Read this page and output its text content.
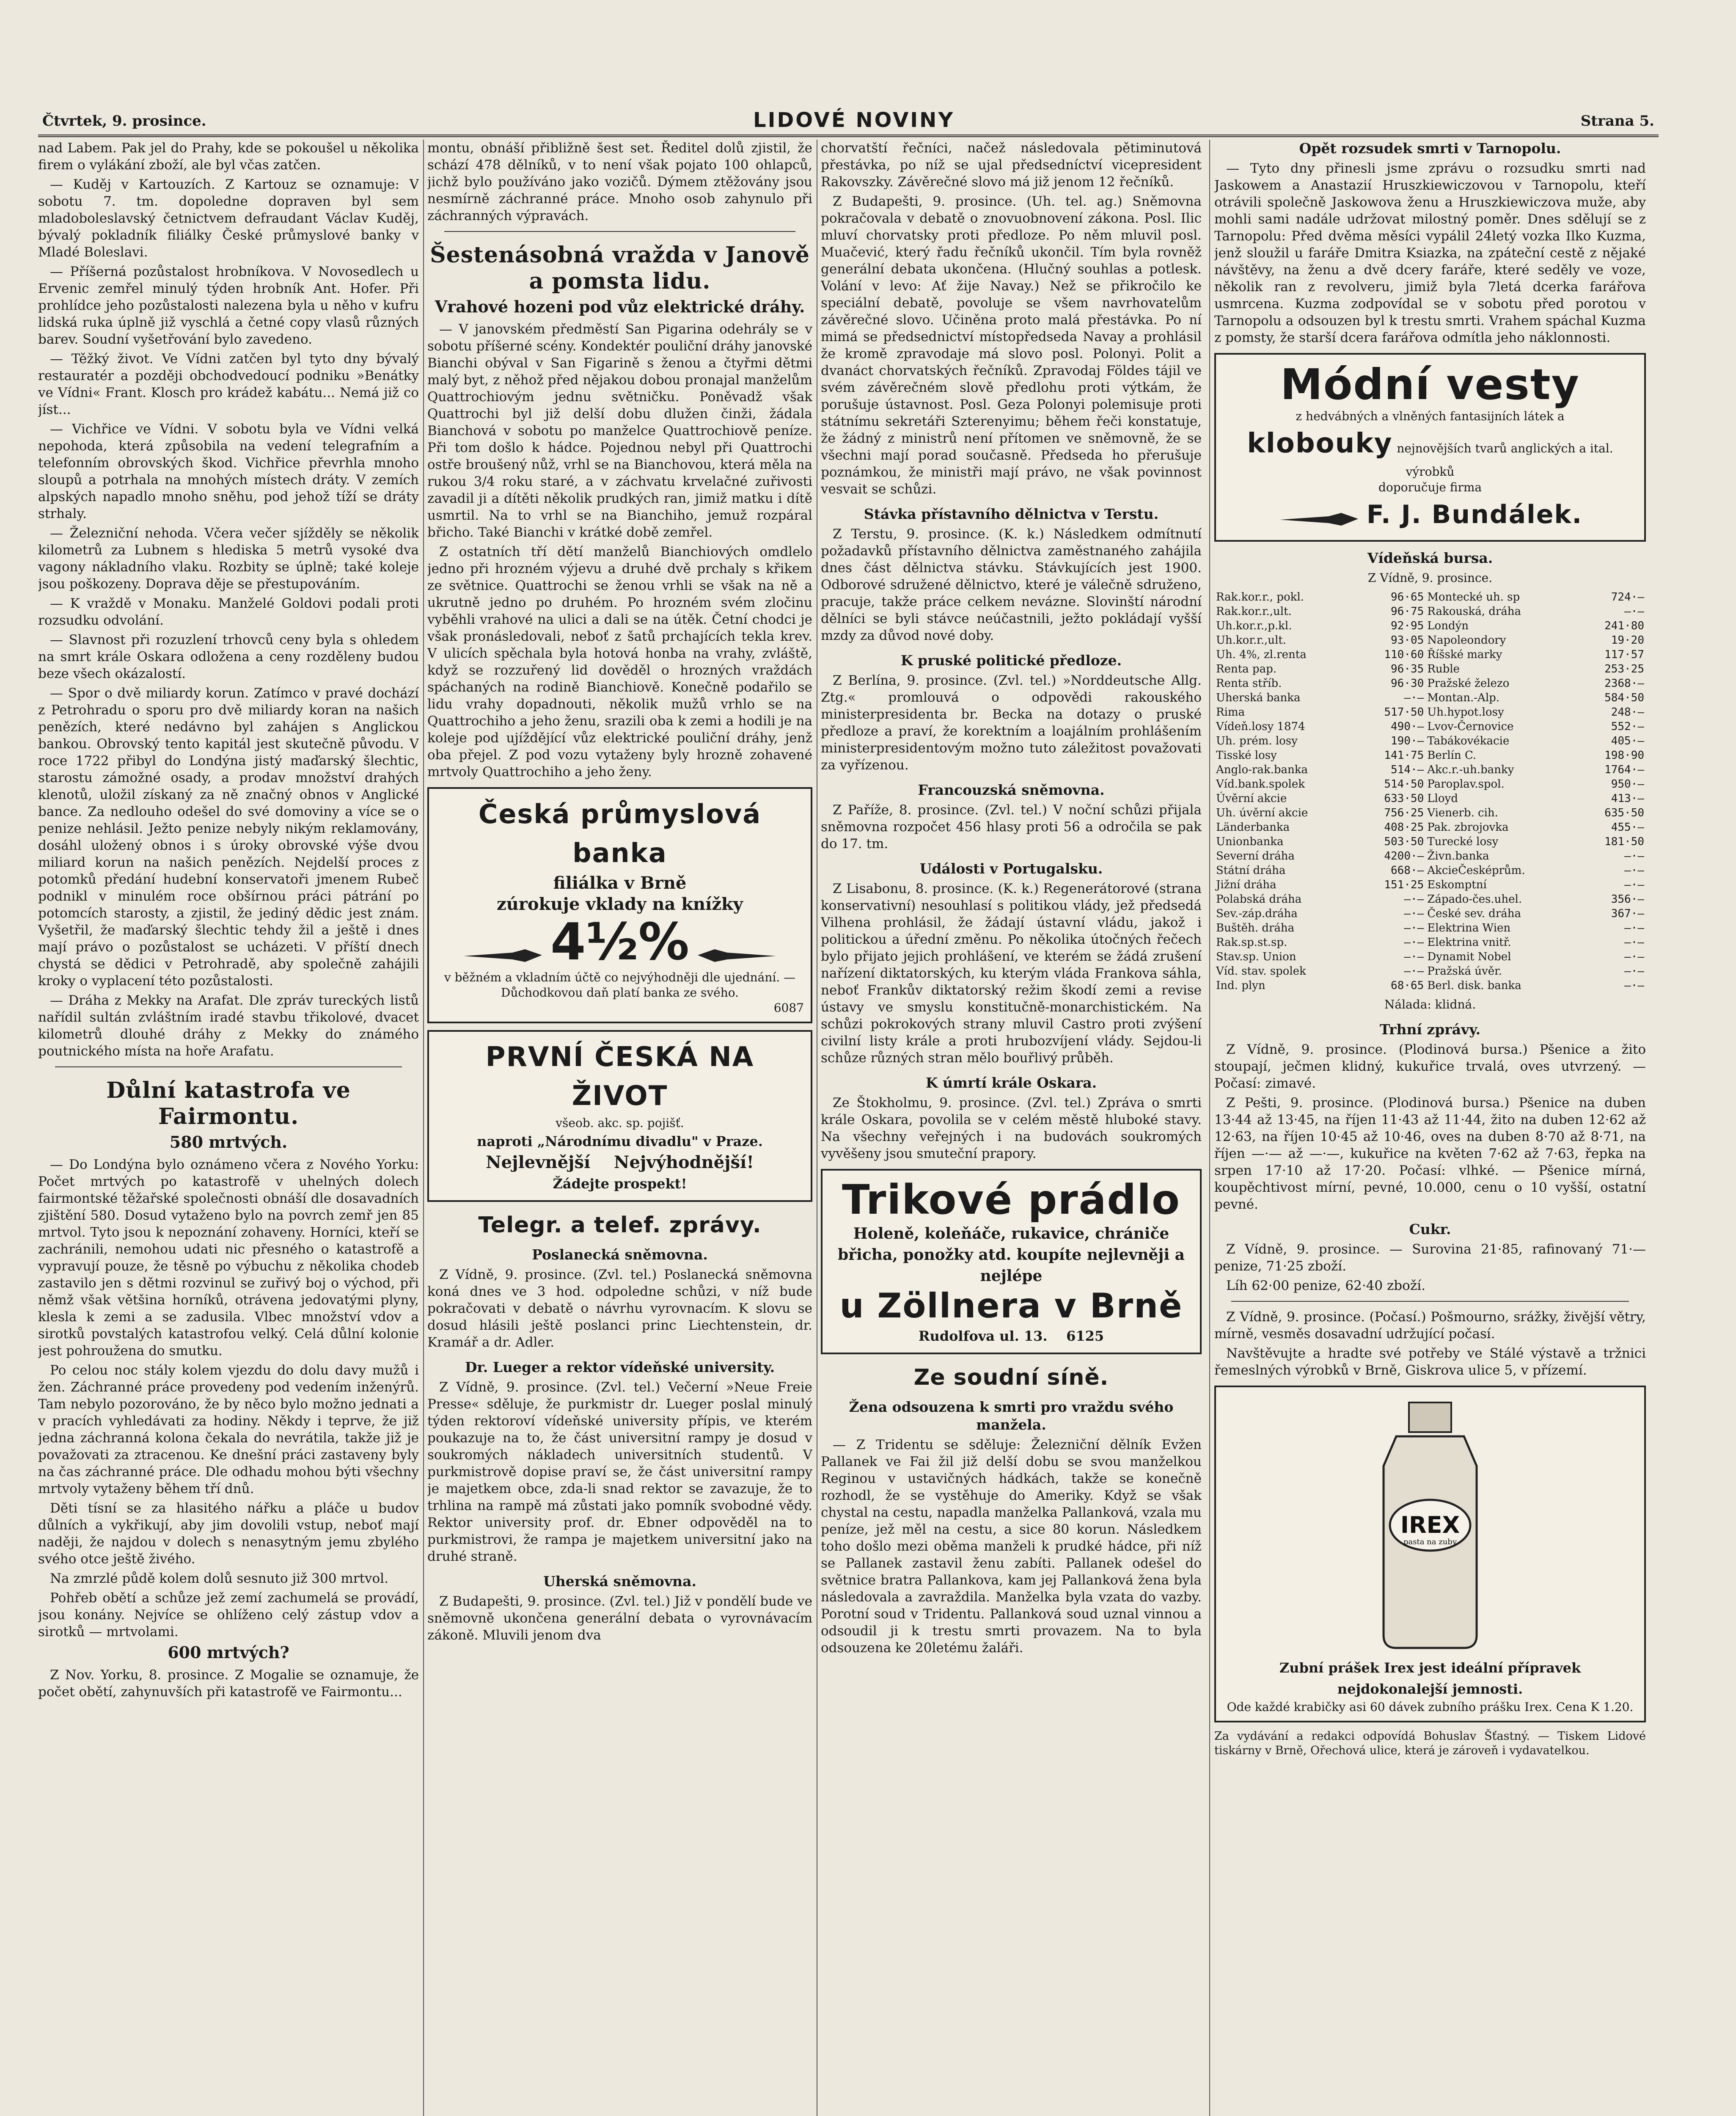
Čtvrtek, 9. prosince.	LIDOVÉ NOVINY	Strana 5.

nad Labem. Pak jel do Prahy, kde se pokoušel u několika firem o vylákání zboží, ale byl včas zatčen.

— Kuděj v Kartouzích. Z Kartouz se oznamuje: V sobotu 7. tm. dopoledne dopraven byl sem mladoboleslavský četnictvem defraudant Václav Kuděj, bývalý pokladník filiálky České průmyslové banky v Mladé Boleslavi.

— Příšerná pozůstalost hrobníkova. V Novosedlech u Ervenic zemřel minulý týden hrobník Ant. Hofer. Při prohlídce jeho pozůstalosti nalezena byla u něho v kufru lidská ruka úplně již vyschlá a četné copy vlasů různých barev. Soudní vyšetřování bylo zavedeno.

— Těžký život. Ve Vídni zatčen byl tyto dny bývalý restauratér a později obchodvedoucí podniku »Benátky ve Vídni« Frant. Klosch pro krádež kabátu... Nemá již co jíst...

— Vichřice ve Vídni. V sobotu byla ve Vídni velká nepohoda, která způsobila na vedení telegrafním a telefonním obrovských škod. Vichřice převrhla mnoho sloupů a potrhala na mnohých místech dráty. V zemích alpských napadlo mnoho sněhu, pod jehož tíží se dráty strhaly.

— Železniční nehoda. Včera večer sjížděly se několik kilometrů za Lubnem s hlediska 5 metrů vysoké dva vagony nákladního vlaku. Rozbity se úplně; také koleje jsou poškozeny. Doprava děje se přestupováním.

— K vraždě v Monaku. Manželé Goldovi podali proti rozsudku odvolání.

— Slavnost při rozuzlení trhovců ceny byla s ohledem na smrt krále Oskara odložena a ceny rozděleny budou beze všech okázalostí.

— Spor o dvě miliardy korun. Zatímco v pravé dochází z Petrohradu o sporu pro dvě miliardy koran na našich penězích, které nedávno byl zahájen s Anglickou bankou. Obrovský tento kapitál jest skutečně původu. V roce 1722 přibyl do Londýna jistý maďarský šlechtic, starostu zámožné osady, a prodav množství drahých klenotů, uložil získaný za ně značný obnos v Anglické bance. Za nedlouho odešel do své domoviny a více se o penize nehlásil. Ježto penize nebyly nikým reklamovány, dosáhl uložený obnos i s úroky obrovské výše dvou miliard korun na našich penězích. Nejdelší proces z potomků předání hudební konservatoři jmenem Rubeč podnikl v minulém roce obšírnou práci pátrání po potomcích starosty, a zjistil, že jediný dědic jest znám. Vyšetřil, že maďarský šlechtic tehdy žil a ještě i dnes mají právo o pozůstalost se ucházeti. V příští dnech chystá se dědici v Petrohradě, aby společně zahájili kroky o vyplacení této pozůstalosti.

— Dráha z Mekky na Arafat. Dle zpráv tureckých listů nařídil sultán zvláštním iradé stavbu třikolové, dvacet kilometrů dlouhé dráhy z Mekky do známého poutnického místa na hoře Arafatu.

Důlní katastrofa ve Fairmontu.
580 mrtvých.

— Do Londýna bylo oznámeno včera z Nového Yorku: Počet mrtvých po katastrofě v uhelných dolech fairmontské těžařské společnosti obnáší dle dosavadních zjištění 580. Dosud vytaženo bylo na povrch zemř jen 85 mrtvol. Tyto jsou k nepoznání zohaveny. Horníci, kteří se zachránili, nemohou udati nic přesného o katastrofě a vypravují pouze, že těsně po výbuchu z několika chodeb zastavilo jen s dětmi rozvinul se zuřivý boj o východ, při němž však většina horníků, otrávena jedovatými plyny, klesla k zemi a se zadusila. Vlbec množství vdov a sirotků povstalých katastrofou velký. Celá důlní kolonie jest pohroužena do smutku.

Po celou noc stály kolem vjezdu do dolu davy mužů i žen. Záchranné práce provedeny pod vedením inženýrů. Tam nebylo pozorováno, že by něco bylo možno jednati a v pracích vyhledávati za hodiny. Někdy i teprve, že již jedna záchranná kolona čekala do nevrátila, takže již je považovati za ztracenou. Ke dnešní práci zastaveny byly na čas záchranné práce. Dle odhadu mohou býti všechny mrtvoly vytaženy během tří dnů.

Děti tísní se za hlasitého nářku a pláče u budov důlních a vykřikují, aby jim dovolili vstup, neboť mají naději, že najdou v dolech s nenasytným jemu zbylého svého otce ještě živého.

Na zmrzlé půdě kolem dolů sesnuto již 300 mrtvol.

Pohřeb obětí a schůze jež zemí zachumelá se provádí, jsou konány. Nejvíce se ohlíženo celý zástup vdov a sirotků — mrtvolami.

600 mrtvých?

Z Nov. Yorku, 8. prosince. Z Mogalie se oznamuje, že počet obětí, zahynuvších při katastrofě ve Fairmontu...

montu, obnáší přibližně šest set. Ředitel dolů zjistil, že schází 478 dělníků, v to není však pojato 100 ohlapců, jichž bylo používáno jako vozičů. Dýmem ztěžovány jsou nesmírně záchranné práce. Mnoho osob zahynulo při záchranných výpravách.

Šestenásobná vražda v Janově a pomsta lidu.
Vrahové hozeni pod vůz elektrické dráhy.

— V janovském předměstí San Pigarina odehrály se v sobotu příšerné scény. Kondektér pouliční dráhy janovské Bianchi obýval v San Figarině s ženou a čtyřmi dětmi malý byt, z něhož před nějakou dobou pronajal manželům Quattrochiovým jednu světničku. Poněvadž však Quattrochi byl již delší dobu dlužen činži, žádala Bianchová v sobotu po manželce Quattrochiově peníze. Při tom došlo k hádce. Pojednou nebyl při Quattrochi ostře broušený nůž, vrhl se na Bianchovou, která měla na rukou 3/4 roku staré, a v záchvatu krvelačné zuřivosti zavadil ji a dítěti několik prudkých ran, jimiž matku i dítě usmrtil. Na to vrhl se na Bianchiho, jemuž rozpáral břicho. Také Bianchi v krátké době zemřel.

Z ostatních tří dětí manželů Bianchiových omdlelo jedno při hrozném výjevu a druhé dvě prchaly s křikem ze světnice. Quattrochi se ženou vrhli se však na ně a ukrutně jedno po druhém. Po hrozném svém zločinu vyběhli vrahové na ulici a dali se na útěk. Četní chodci je však pronásledovali, neboť z šatů prchajících tekla krev. V ulicích spěchala byla hotová honba na vrahy, zvláště, když se rozzuřený lid dověděl o hrozných vraždách spáchaných na rodině Bianchiově. Konečně podařilo se lidu vrahy dopadnouti, několik mužů vrhlo se na Quattrochiho a jeho ženu, srazili oba k zemi a hodili je na koleje pod ujíždějící vůz elektrické pouliční dráhy, jenž oba přejel. Z pod vozu vytaženy byly hrozně zohavené mrtvoly Quattrochiho a jeho ženy.

Česká průmyslová banka
filiálka v Brně
zúrokuje vklady na knížky
4½%
v běžném a vkladním účtě co nejvýhodněji dle ujednání. — Důchodkovou daň platí banka ze svého.
6087
PRVNÍ ČESKÁ NA ŽIVOT
všeob. akc. sp. pojišť.
naproti „Národnímu divadlu" v Praze.
Nejlevnější Nejvýhodnější!
Žádejte prospekt!
Telegr. a telef. zprávy.
Poslanecká sněmovna.

Z Vídně, 9. prosince. (Zvl. tel.) Poslanecká sněmovna koná dnes ve 3 hod. odpoledne schůzi, v níž bude pokračovati v debatě o návrhu vyrovnacím. K slovu se dosud hlásili ještě poslanci princ Liechtenstein, dr. Kramář a dr. Adler.

Dr. Lueger a rektor vídeňské university.

Z Vídně, 9. prosince. (Zvl. tel.) Večerní »Neue Freie Presse« sděluje, že purkmistr dr. Lueger poslal minulý týden rektoroví vídeňské university přípis, ve kterém poukazuje na to, že část universitní rampy je dosud v soukromých nákladech universitních studentů. V purkmistrově dopise praví se, že část universitní rampy je majetkem obce, zda-li snad rektor se zavazuje, že to trhlina na rampě má zůstati jako pomník svobodné vědy. Rektor university prof. dr. Ebner odpověděl na to purkmistrovi, že rampa je majetkem universitní jako na druhé straně.

Uherská sněmovna.

Z Budapešti, 9. prosince. (Zvl. tel.) Již v pondělí bude ve sněmovně ukončena generální debata o vyrovnávacím zákoně. Mluvili jenom dva

chorvatští řečníci, načež následovala pětiminutová přestávka, po níž se ujal předsedníctví vicepresident Rakovszky. Závěrečné slovo má již jenom 12 řečníků.

Z Budapešti, 9. prosince. (Uh. tel. ag.) Sněmovna pokračovala v debatě o znovuobnovení zákona. Posl. Ilic mluví chorvatsky proti předloze. Po něm mluvil posl. Muačević, který řadu řečníků ukončil. Tím byla rovněž generální debata ukončena. (Hlučný souhlas a potlesk. Volání v levo: Ať žije Navay.) Než se přikročilo ke speciální debatě, povoluje se všem navrhovatelům závěrečné slovo. Učiněna proto malá přestávka. Po ní mimá se předsednictví místopředseda Navay a prohlásil že kromě zpravodaje má slovo posl. Polonyi. Polit a dvanáct chorvatských řečníků. Zpravodaj Földes tájil ve svém závěrečném slově předlohu proti výtkám, že porušuje ústavnost. Posl. Geza Polonyi polemisuje proti státnímu sekretáři Szterenyimu; během řeči konstatuje, že žádný z ministrů není přítomen ve sněmovně, že se všechni mají porad současně. Předseda ho přerušuje poznámkou, že ministři mají právo, ne však povinnost vesvait se schůzi.

Stávka přístavního dělnictva v Terstu.

Z Terstu, 9. prosince. (K. k.) Následkem odmítnutí požadavků přístavního dělnictva zaměstnaného zahájila dnes část dělnictva stávku. Stávkujících jest 1900. Odborové sdružené dělnictvo, které je válečně sdruženo, pracuje, takže práce celkem nevázne. Slovinští národní dělníci se byli stávce neúčastnili, ježto pokládají vyšší mzdy za důvod nové doby.

K pruské politické předloze.

Z Berlína, 9. prosince. (Zvl. tel.) »Norddeutsche Allg. Ztg.« promlouvá o odpovědi rakouského ministerpresidenta br. Becka na dotazy o pruské předloze a praví, že korektním a loajálním prohlášením ministerpresidentovým možno tuto záležitost považovati za vyřízenou.

Francouzská sněmovna.

Z Paříže, 8. prosince. (Zvl. tel.) V noční schůzi přijala sněmovna rozpočet 456 hlasy proti 56 a odročila se pak do 17. tm.

Události v Portugalsku.

Z Lisabonu, 8. prosince. (K. k.) Regenerátorové (strana konservativní) nesouhlasí s politikou vlády, jež předsedá Vilhena prohlásil, že žádají ústavní vládu, jakož i politickou a úřední změnu. Po několika útočných řečech bylo přijato jejich prohlášení, ve kterém se žádá zrušení nařízení diktatorských, ku kterým vláda Frankova sáhla, neboť Frankův diktatorský režim škodí zemi a revise ústavy ve smyslu konstitučně-monarchistickém. Na schůzi pokrokových strany mluvil Castro proti zvýšení civilní listy krále a proti hrubozvíjení vlády. Sejdou-li schůze různých stran mělo bouřlivý průběh.

K úmrtí krále Oskara.

Ze Štokholmu, 9. prosince. (Zvl. tel.) Zpráva o smrti krále Oskara, povolila se v celém městě hluboké stavy. Na všechny veřejných i na budovách soukromých vyvěšeny jsou smuteční prapory.

Trikové prádlo
Holeně, koleňáče, rukavice, chrániče břicha, ponožky atd. koupíte nejlevněji a nejlépe
u Zöllnera v Brně
Rudolfova ul. 13. 6125
Ze soudní síně.
Žena odsouzena k smrti pro vraždu svého manžela.

— Z Tridentu se sděluje: Železniční dělník Evžen Pallanek ve Fai žil již delší dobu se svou manželkou Reginou v ustavičných hádkách, takže se konečně rozhodl, že se vystěhuje do Ameriky. Když se však chystal na cestu, napadla manželka Pallanková, vzala mu peníze, jež měl na cestu, a sice 80 korun. Následkem toho došlo mezi oběma manželi k prudké hádce, při níž se Pallanek zastavil ženu zabíti. Pallanek odešel do světnice bratra Pallankova, kam jej Pallanková žena byla následovala a zavraždila. Manželka byla vzata do vazby. Porotní soud v Tridentu. Pallanková soud uznal vinnou a odsoudil ji k trestu smrti provazem. Na to byla odsouzena ke 20letému žaláři.

Opět rozsudek smrti v Tarnopolu.

— Tyto dny přinesli jsme zprávu o rozsudku smrti nad Jaskowem a Anastazií Hruszkiewiczovou v Tarnopolu, kteří otrávili společně Jaskowova ženu a Hruszkiewiczova muže, aby mohli sami nadále udržovat milostný poměr. Dnes sdělují se z Tarnopolu: Před dvěma měsíci vypálil 24letý vozka Ilko Kuzma, jenž sloužil u faráře Dmitra Ksiazka, na zpáteční cestě z nějaké návštěvy, na ženu a dvě dcery faráře, které seděly ve voze, několik ran z revolveru, jimiž byla 7letá dcerka farářova usmrcena. Kuzma zodpovídal se v sobotu před porotou v Tarnopolu a odsouzen byl k trestu smrti. Vrahem spáchal Kuzma z pomsty, že starší dcera farářova odmítla jeho náklonnosti.

Módní vesty
z hedvábných a vlněných fantasijních látek a
klobouky nejnovějších tvarů anglických a ital. výrobků
doporučuje firma
F. J. Bundálek.
Vídeňská bursa.
Z Vídně, 9. prosince.
Rak.kor.r., pokl.	96·65	Montecké uh. sp	724·—
Rak.kor.r.,ult.	96·75	Rakouská, dráha	—·—
Uh.kor.r.,p.kl.	92·95	Londýn	241·80
Uh.kor.r.,ult.	93·05	Napoleondory	19·20
Uh. 4%, zl.renta	110·60	Říšské marky	117·57
Renta pap.	96·35	Ruble	253·25
Renta stříb.	96·30	Pražské železo	2368·—
Uherská banka	—·—	Montan.-Alp.	584·50
Rima	517·50	Uh.hypot.losy	248·—
Vídeň.losy 1874	490·—	Lvov-Černovice	552·—
Uh. prém. losy	190·—	Tabákovékacie	405·—
Tisské losy	141·75	Berlín C.	198·90
Anglo-rak.banka	514·—	Akc.r.-uh.banky	1764·—
Víd.bank.spolek	514·50	Paroplav.spol.	950·—
Úvěrní akcie	633·50	Lloyd	413·—
Uh. úvěrní akcie	756·25	Vienerb. cih.	635·50
Länderbanka	408·25	Pak. zbrojovka	455·—
Unionbanka	503·50	Turecké losy	181·50
Severní dráha	4200·—	Živn.banka	—·—
Státní dráha	668·—	AkcieČesképrům.	—·—
Jižní dráha	151·25	Eskomptní	—·—
Polabská dráha	—·—	Západo-čes.uhel.	356·—
Sev.-záp.dráha	—·—	České sev. dráha	367·—
Buštěh. dráha	—·—	Elektrina Wien	—·—
Rak.sp.st.sp.	—·—	Elektrina vnitř.	—·—
Stav.sp. Union	—·—	Dynamit Nobel	—·—
Víd. stav. spolek	—·—	Pražská úvěr.	—·—
Ind. plyn	68·65	Berl. disk. banka	—·—
Nálada: klidná.
Trhní zprávy.

Z Vídně, 9. prosince. (Plodinová bursa.) Pšenice a žito stoupají, ječmen klidný, kukuřice trvalá, oves utvrzený. — Počasí: zimavé.

Z Pešti, 9. prosince. (Plodinová bursa.) Pšenice na duben 13·44 až 13·45, na říjen 11·43 až 11·44, žito na duben 12·62 až 12·63, na říjen 10·45 až 10·46, oves na duben 8·70 až 8·71, na říjen —·— až —·—, kukuřice na květen 7·62 až 7·63, řepka na srpen 17·10 až 17·20. Počasí: vlhké. — Pšenice mírná, koupěchtivost mírní, pevné, 10.000, cenu o 10 vyšší, ostatní pevné.

Cukr.

Z Vídně, 9. prosince. — Surovina 21·85, rafinovaný 71·— penize, 71·25 zboží.

Líh 62·00 penize, 62·40 zboží.

Z Vídně, 9. prosince. (Počasí.) Pošmourno, srážky, živější větry, mírně, vesměs dosavadní udržující počasí.

Navštěvujte a hradte své potřeby ve Stálé výstavě a tržnici řemeslných výrobků v Brně, Giskrova ulice 5, v přízemí.

IREX
pasta na zuby
Zubní prášek Irex jest ideální přípravek nejdokonalejší jemnosti.
Ode každé krabičky asi 60 dávek zubního prášku Irex. Cena K 1.20.

Za vydávání a redakci odpovídá Bohuslav Šťastný. — Tiskem Lidové tiskárny v Brně, Ořechová ulice, která je zároveň i vydavatelkou.
